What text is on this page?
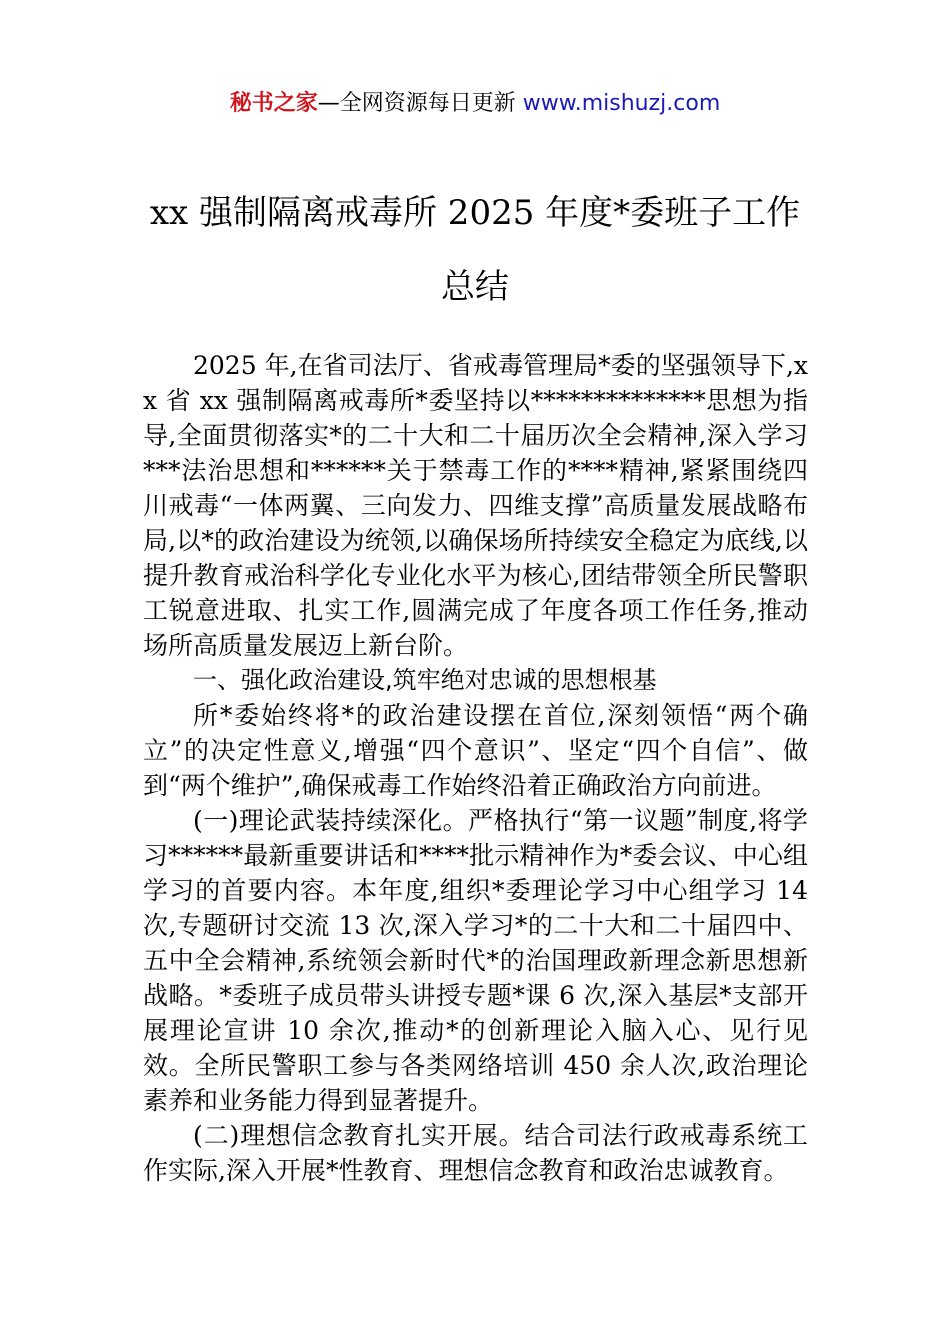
秘书之家—全网资源每日更新 www.mishuzj.com
xx 强制隔离戒毒所 2025 年度*委班子工作
总结

2025 年,在省司法厅、省戒毒管理局*委的坚强领导下,xx 省 xx 强制隔离戒毒所*委坚持以**************思想为指导,全面贯彻落实*的二十大和二十届历次全会精神,深入学习***法治思想和******关于禁毒工作的****精神,紧紧围绕四川戒毒“一体两翼、三向发力、四维支撑”高质量发展战略布局,以*的政治建设为统领,以确保场所持续安全稳定为底线,以提升教育戒治科学化专业化水平为核心,团结带领全所民警职工锐意进取、扎实工作,圆满完成了年度各项工作任务,推动场所高质量发展迈上新台阶。

一、强化政治建设,筑牢绝对忠诚的思想根基

所*委始终将*的政治建设摆在首位,深刻领悟“两个确立”的决定性意义,增强“四个意识”、坚定“四个自信”、做到“两个维护”,确保戒毒工作始终沿着正确政治方向前进。

(一)理论武装持续深化。严格执行“第一议题”制度,将学习******最新重要讲话和****批示精神作为*委会议、中心组学习的首要内容。本年度,组织*委理论学习中心组学习 14 次,专题研讨交流 13 次,深入学习*的二十大和二十届四中、五中全会精神,系统领会新时代*的治国理政新理念新思想新战略。*委班子成员带头讲授专题*课 6 次,深入基层*支部开展理论宣讲 10 余次,推动*的创新理论入脑入心、见行见效。全所民警职工参与各类网络培训 450 余人次,政治理论素养和业务能力得到显著提升。

(二)理想信念教育扎实开展。结合司法行政戒毒系统工作实际,深入开展*性教育、理想信念教育和政治忠诚教育。
